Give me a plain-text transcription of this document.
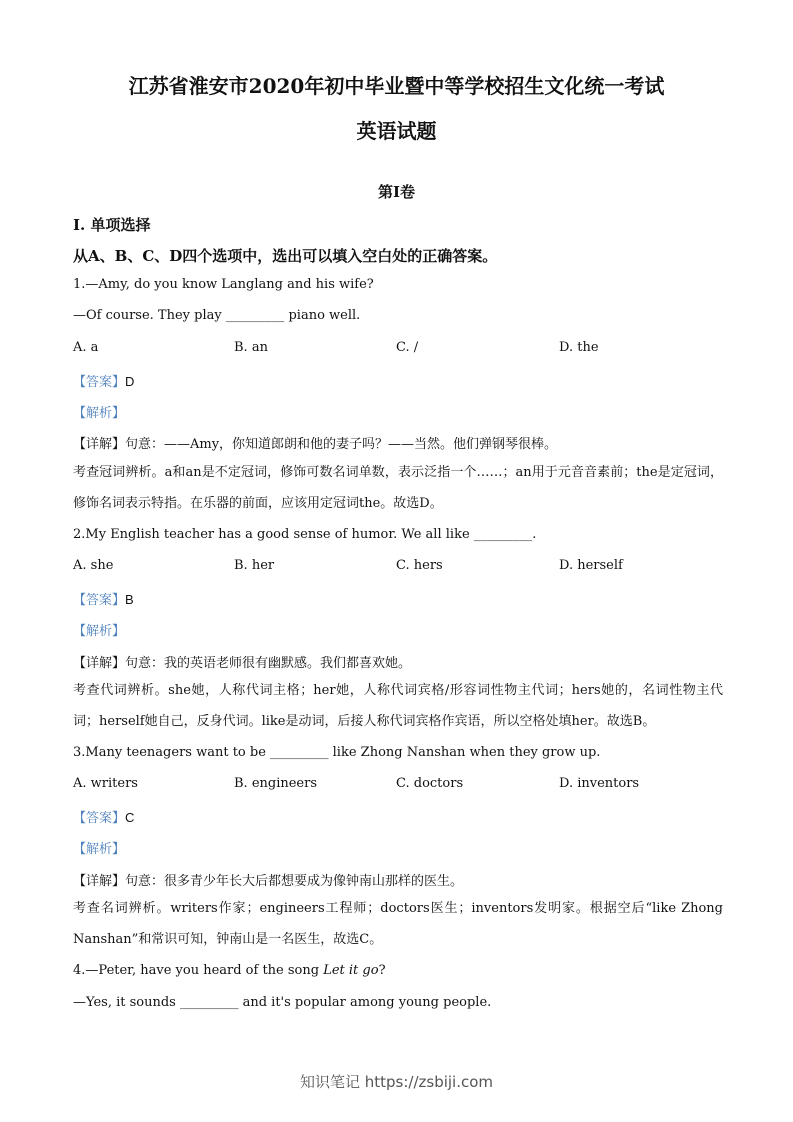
江苏省淮安市2020年初中毕业暨中等学校招生文化统一考试
英语试题
第I卷
I. 单项选择
从A、B、C、D四个选项中，选出可以填入空白处的正确答案。
1.—Amy, do you know Langlang and his wife?
—Of course. They play _________ piano well.
A. a	B. an	C. /	D. the
【答案】D
【解析】
【详解】句意：——Amy，你知道郎朗和他的妻子吗？——当然。他们弹钢琴很棒。
考查冠词辨析。a和an是不定冠词，修饰可数名词单数，表示泛指一个……；an用于元音音素前；the是定冠词，修饰名词表示特指。在乐器的前面，应该用定冠词the。故选D。
2.My English teacher has a good sense of humor. We all like _________.
A. she	B. her	C. hers	D. herself
【答案】B
【解析】
【详解】句意：我的英语老师很有幽默感。我们都喜欢她。
考查代词辨析。she她，人称代词主格；her她，人称代词宾格/形容词性物主代词；hers她的，名词性物主代词；herself她自己，反身代词。like是动词，后接人称代词宾格作宾语，所以空格处填her。故选B。
3.Many teenagers want to be _________ like Zhong Nanshan when they grow up.
A. writers	B. engineers	C. doctors	D. inventors
【答案】C
【解析】
【详解】句意：很多青少年长大后都想要成为像钟南山那样的医生。
考查名词辨析。writers作家；engineers工程师；doctors医生；inventors发明家。根据空后“like Zhong Nanshan”和常识可知，钟南山是一名医生，故选C。
4.—Peter, have you heard of the song Let it go?
—Yes, it sounds _________ and it's popular among young people.
知识笔记 https://zsbiji.com
